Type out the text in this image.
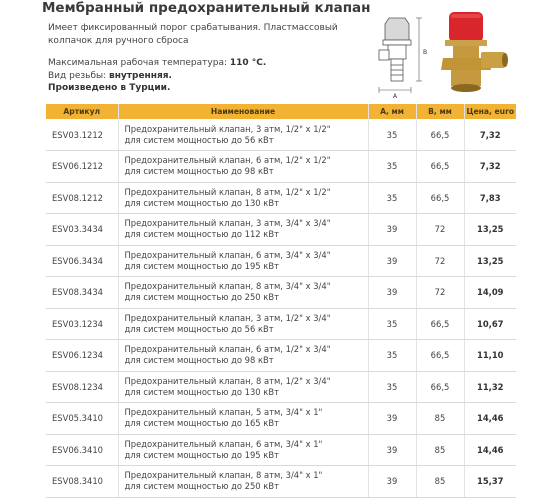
Мембранный предохранительный клапан
Имеет фиксированный порог срабатывания. Пластмассовый колпачок для ручного сброса
Максимальная рабочая температура: 110 °С.
Вид резьбы: внутренняя.
Произведено в Турции.
B
A
Артикул	Наименование	А, мм	В, мм	Цена, euro
ESV03.1212	Предохранительный клапан, 3 атм, 1/2" х 1/2"
для систем мощностью до 56 кВт	35	66,5	7,32
ESV06.1212	Предохранительный клапан, 6 атм, 1/2" х 1/2"
для систем мощностью до 98 кВт	35	66,5	7,32
ESV08.1212	Предохранительный клапан, 8 атм, 1/2" х 1/2"
для систем мощностью до 130 кВт	35	66,5	7,83
ESV03.3434	Предохранительный клапан, 3 атм, 3/4" х 3/4"
для систем мощностью до 112 кВт	39	72	13,25
ESV06.3434	Предохранительный клапан, 6 атм, 3/4" х 3/4"
для систем мощностью до 195 кВт	39	72	13,25
ESV08.3434	Предохранительный клапан, 8 атм, 3/4" х 3/4"
для систем мощностью до 250 кВт	39	72	14,09
ESV03.1234	Предохранительный клапан, 3 атм, 1/2" х 3/4"
для систем мощностью до 56 кВт	35	66,5	10,67
ESV06.1234	Предохранительный клапан, 6 атм, 1/2" х 3/4"
для систем мощностью до 98 кВт	35	66,5	11,10
ESV08.1234	Предохранительный клапан, 8 атм, 1/2" х 3/4"
для систем мощностью до 130 кВт	35	66,5	11,32
ESV05.3410	Предохранительный клапан, 5 атм, 3/4" х 1"
для систем мощностью до 165 кВт	39	85	14,46
ESV06.3410	Предохранительный клапан, 6 атм, 3/4" х 1"
для систем мощностью до 195 кВт	39	85	14,46
ESV08.3410	Предохранительный клапан, 8 атм, 3/4" х 1"
для систем мощностью до 250 кВт	39	85	15,37
